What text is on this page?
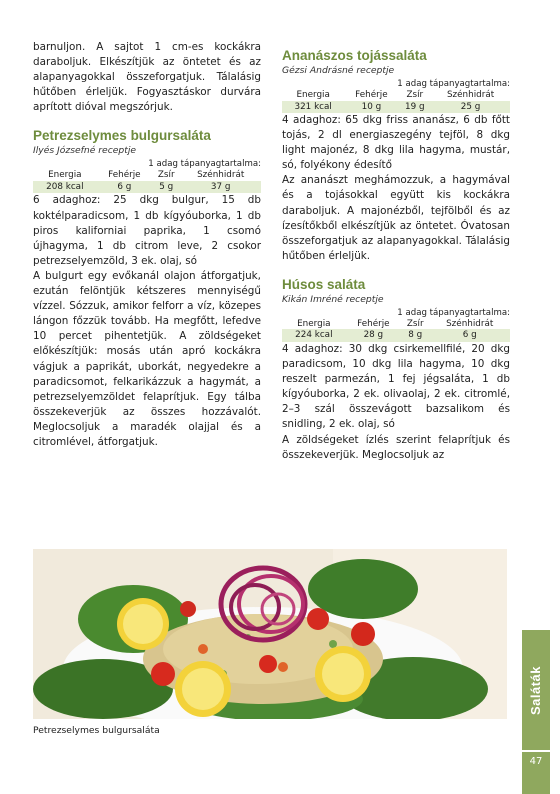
barnuljon. A sajtot 1 cm-es kockákra daraboljuk. Elkészítjük az öntetet és az alapanyagokkal összeforgatjuk. Tálalásig hűtőben érleljük. Fogyasztáskor durvára aprított dióval megszórjuk.

Petrezselymes bulgursaláta
Ilyés Józsefné receptje
1 adag tápanyagtartalma:
Energia	Fehérje	Zsír	Szénhidrát
208 kcal	6 g	5 g	37 g

6 adaghoz: 25 dkg bulgur, 15 db koktélparadicsom, 1 db kígyóuborka, 1 db piros kaliforniai paprika, 1 csomó újhagyma, 1 db citrom leve, 2 csokor petrezselyemzöld, 3 ek. olaj, só

A bulgurt egy evőkanál olajon átforgatjuk, ezután felöntjük kétszeres mennyiségű vízzel. Sózzuk, amikor felforr a víz, közepes lángon főzzük tovább. Ha megfőtt, lefedve 10 percet pihentetjük. A zöldségeket előkészítjük: mosás után apró kockákra vágjuk a paprikát, uborkát, negyedekre a paradicsomot, felkarikázzuk a hagymát, a petrezselyemzöldet felaprítjuk. Egy tálba összekeverjük az összes hozzávalót. Meglocsoljuk a maradék olajjal és a citromlével, átforgatjuk.

Ananászos tojássaláta
Gézsi Andrásné receptje
1 adag tápanyagtartalma:
Energia	Fehérje	Zsír	Szénhidrát
321 kcal	10 g	19 g	25 g

4 adaghoz: 65 dkg friss ananász, 6 db főtt tojás, 2 dl energiaszegény tejföl, 8 dkg light majonéz, 8 dkg lila hagyma, mustár, só, folyékony édesítő

Az ananászt meghámozzuk, a hagymával és a tojásokkal együtt kis kockákra daraboljuk. A majonézből, tejfölből és az ízesítőkből elkészítjük az öntetet. Óvatosan összeforgatjuk az alapanyagokkal. Tálalásig hűtőben érleljük.

Húsos saláta
Kikán Imréné receptje
1 adag tápanyagtartalma:
Energia	Fehérje	Zsír	Szénhidrát
224 kcal	28 g	8 g	6 g

4 adaghoz: 30 dkg csirkemellfilé, 20 dkg paradicsom, 10 dkg lila hagyma, 10 dkg reszelt parmezán, 1 fej jégsaláta, 1 db kígyóuborka, 2 ek. olivaolaj, 2 ek. citromlé, 2–3 szál összevágott bazsalikom és snidling, 2 ek. olaj, só

A zöldségeket ízlés szerint felaprítjuk és összekeverjük. Meglocsoljuk az

Petrezselymes bulgursaláta
Saláták
47
